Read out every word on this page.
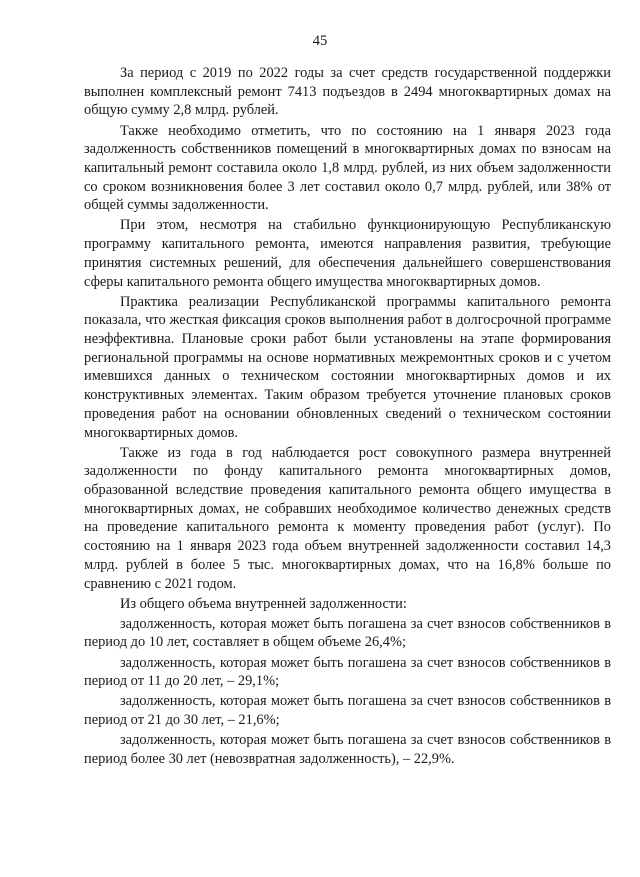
45

За период с 2019 по 2022 годы за счет средств государственной поддержки выполнен комплексный ремонт 7413 подъездов в 2494 многоквартирных домах на общую сумму 2,8 млрд. рублей.

Также необходимо отметить, что по состоянию на 1 января 2023 года задолженность собственников помещений в многоквартирных домах по взносам на капитальный ремонт составила около 1,8 млрд. рублей, из них объем задолженности со сроком возникновения более 3 лет составил около 0,7 млрд. рублей, или 38% от общей суммы задолженности.

При этом, несмотря на стабильно функционирующую Республиканскую программу капитального ремонта, имеются направления развития, требующие принятия системных решений, для обеспечения дальнейшего совершенствования сферы капитального ремонта общего имущества многоквартирных домов.

Практика реализации Республиканской программы капитального ремонта показала, что жесткая фиксация сроков выполнения работ в долгосрочной программе неэффективна. Плановые сроки работ были установлены на этапе формирования региональной программы на основе нормативных межремонтных сроков и с учетом имевшихся данных о техническом состоянии многоквартирных домов и их конструктивных элементах. Таким образом требуется уточнение плановых сроков проведения работ на основании обновленных сведений о техническом состоянии многоквартирных домов.

Также из года в год наблюдается рост совокупного размера внутренней задолженности по фонду капитального ремонта многоквартирных домов, образованной вследствие проведения капитального ремонта общего имущества в многоквартирных домах, не собравших необходимое количество денежных средств на проведение капитального ремонта к моменту проведения работ (услуг). По состоянию на 1 января 2023 года объем внутренней задолженности составил 14,3 млрд. рублей в более 5 тыс. многоквартирных домах, что на 16,8% больше по сравнению с 2021 годом.

Из общего объема внутренней задолженности:

задолженность, которая может быть погашена за счет взносов собственников в период до 10 лет, составляет в общем объеме 26,4%;

задолженность, которая может быть погашена за счет взносов собственников в период от 11 до 20 лет, – 29,1%;

задолженность, которая может быть погашена за счет взносов собственников в период от 21 до 30 лет, – 21,6%;

задолженность, которая может быть погашена за счет взносов собственников в период более 30 лет (невозвратная задолженность), – 22,9%.
